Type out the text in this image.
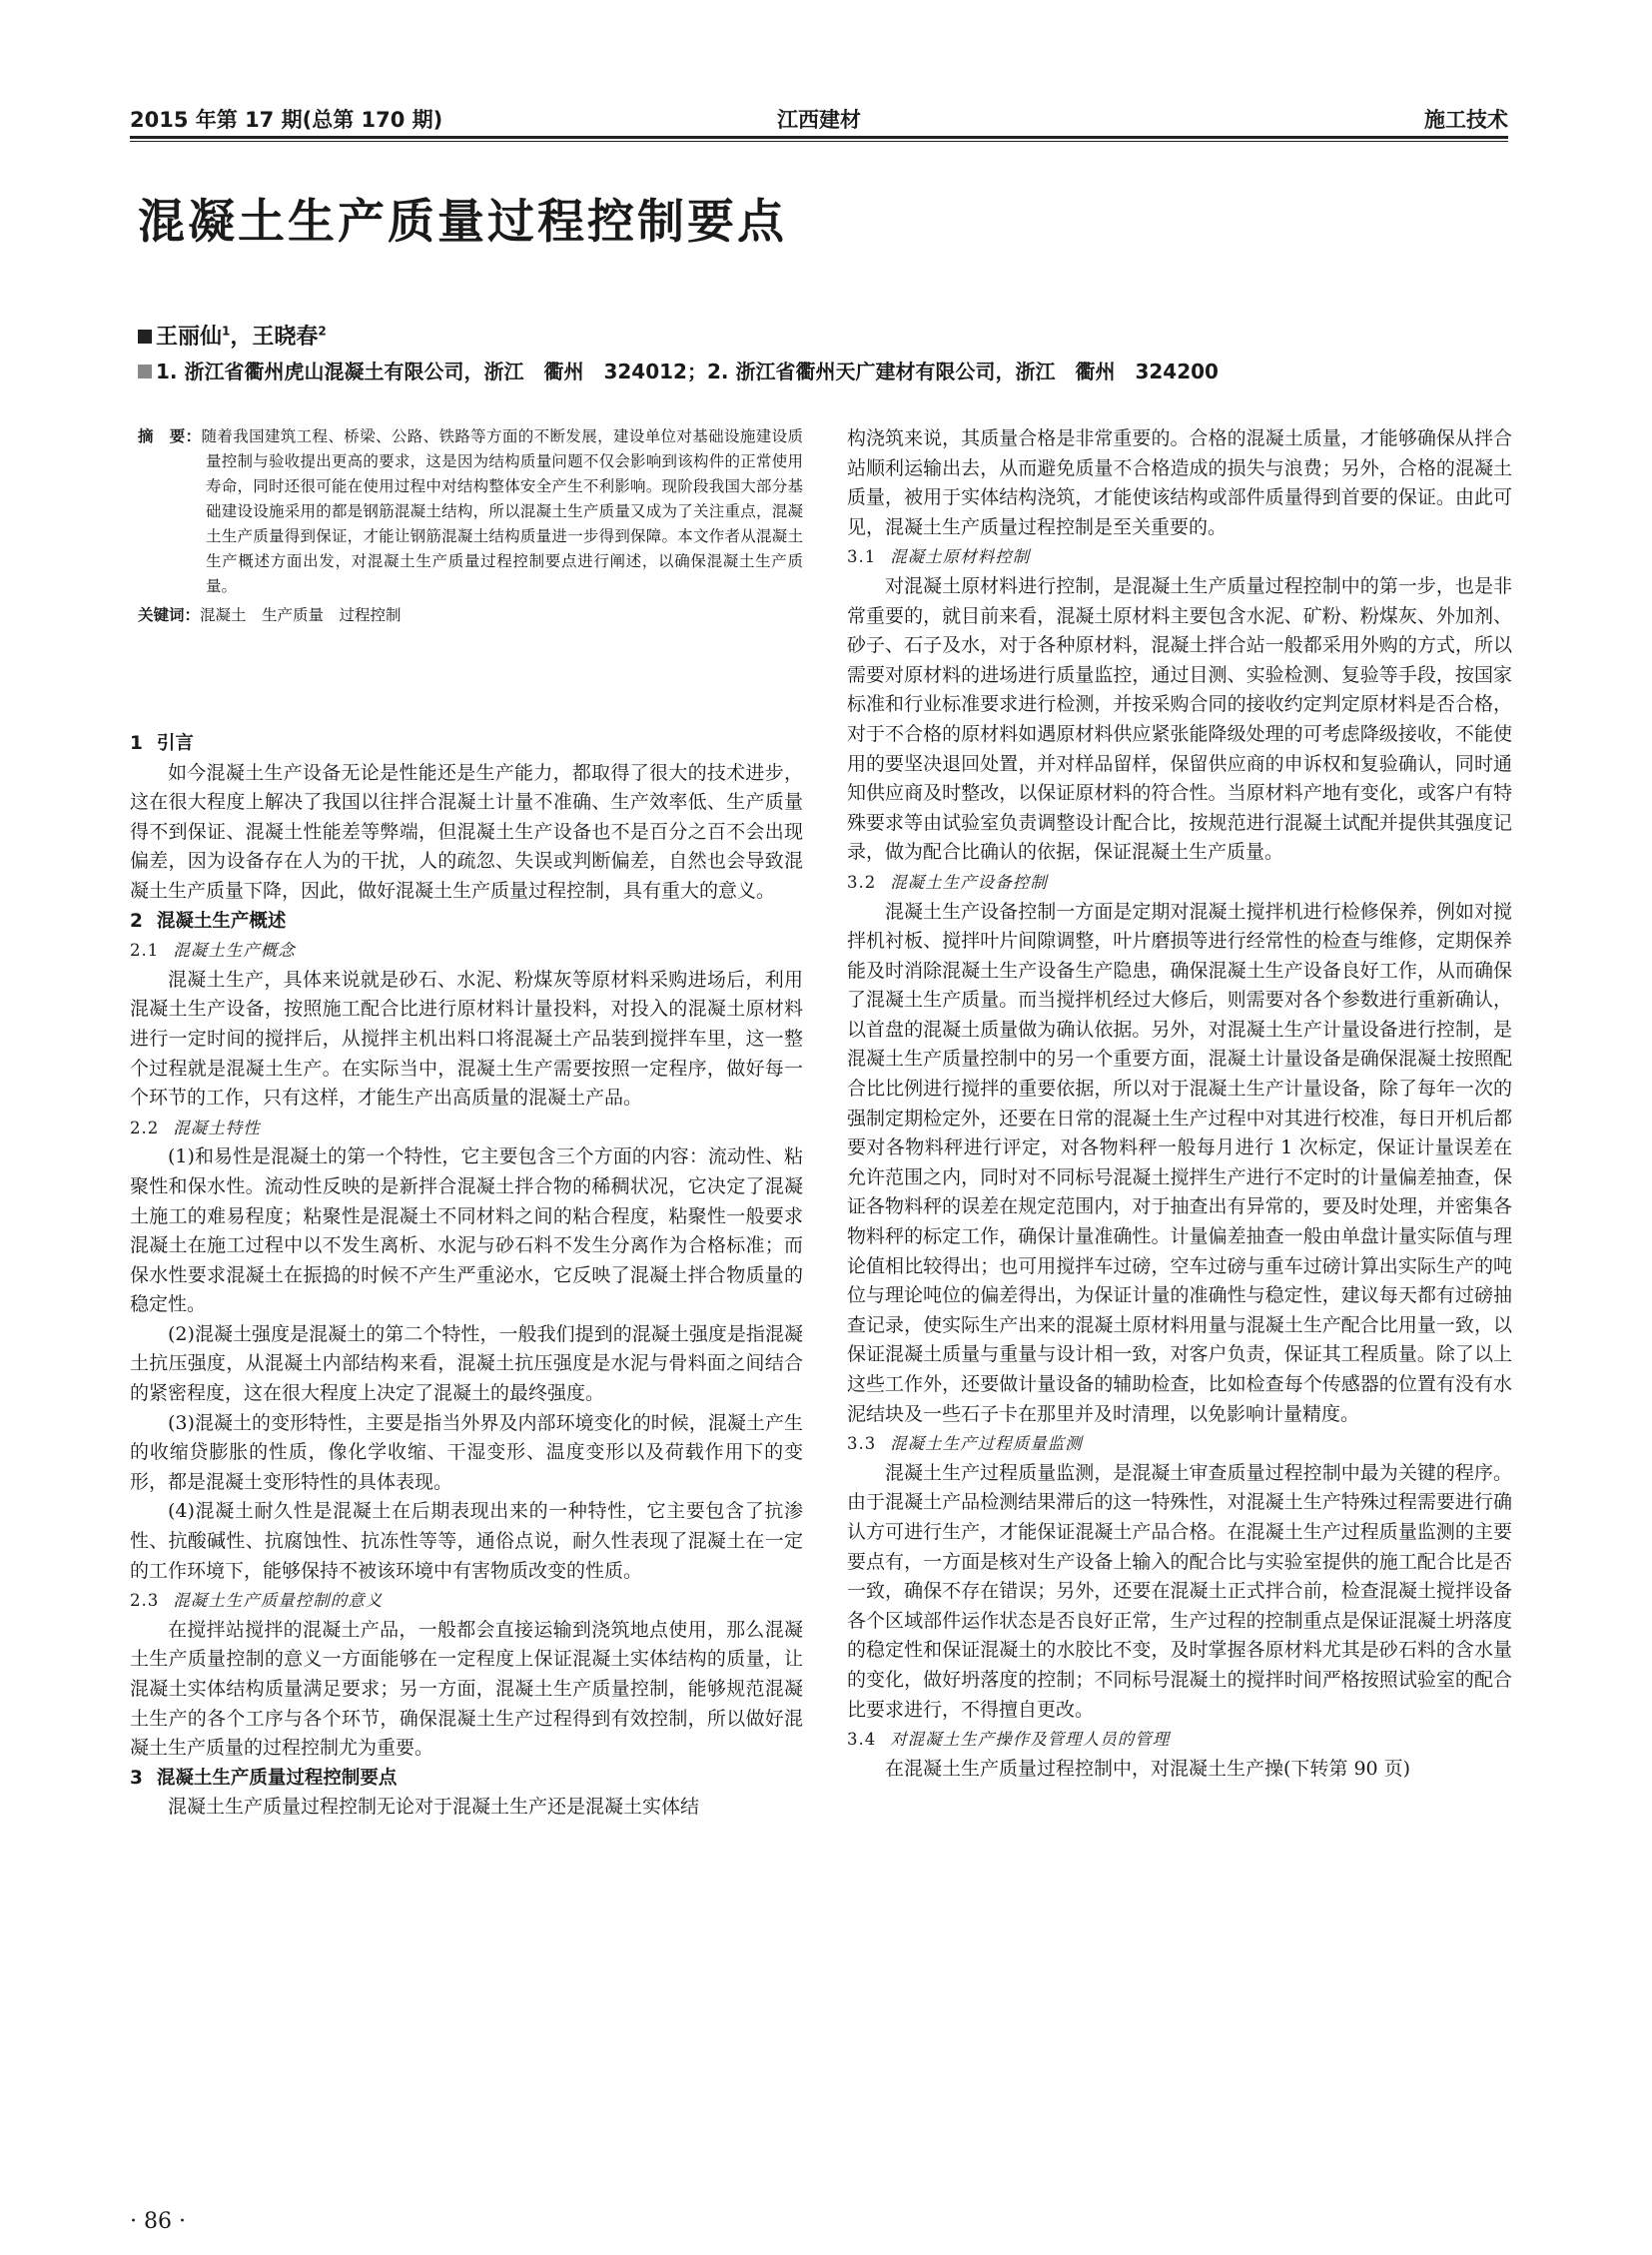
2015 年第 17 期(总第 170 期)	江西建材	施工技术
混凝土生产质量过程控制要点
王丽仙$^1$，王晓春$^2$
1. 浙江省衢州虎山混凝土有限公司，浙江　衢州　324012；2. 浙江省衢州天广建材有限公司，浙江　衢州　324200
摘　要：随着我国建筑工程、桥梁、公路、铁路等方面的不断发展，建设单位对基础设施建设质量控制与验收提出更高的要求，这是因为结构质量问题不仅会影响到该构件的正常使用寿命，同时还很可能在使用过程中对结构整体安全产生不利影响。现阶段我国大部分基础建设设施采用的都是钢筋混凝土结构，所以混凝土生产质量又成为了关注重点，混凝土生产质量得到保证，才能让钢筋混凝土结构质量进一步得到保障。本文作者从混凝土生产概述方面出发，对混凝土生产质量过程控制要点进行阐述，以确保混凝土生产质量。
关键词：混凝土　生产质量　过程控制
1 引言

如今混凝土生产设备无论是性能还是生产能力，都取得了很大的技术进步，这在很大程度上解决了我国以往拌合混凝土计量不准确、生产效率低、生产质量得不到保证、混凝土性能差等弊端，但混凝土生产设备也不是百分之百不会出现偏差，因为设备存在人为的干扰，人的疏忽、失误或判断偏差，自然也会导致混凝土生产质量下降，因此，做好混凝土生产质量过程控制，具有重大的意义。

2 混凝土生产概述
2.1 混凝土生产概念

混凝土生产，具体来说就是砂石、水泥、粉煤灰等原材料采购进场后，利用混凝土生产设备，按照施工配合比进行原材料计量投料，对投入的混凝土原材料进行一定时间的搅拌后，从搅拌主机出料口将混凝土产品装到搅拌车里，这一整个过程就是混凝土生产。在实际当中，混凝土生产需要按照一定程序，做好每一个环节的工作，只有这样，才能生产出高质量的混凝土产品。

2.2 混凝土特性

(1)和易性是混凝土的第一个特性，它主要包含三个方面的内容：流动性、粘聚性和保水性。流动性反映的是新拌合混凝土拌合物的稀稠状况，它决定了混凝土施工的难易程度；粘聚性是混凝土不同材料之间的粘合程度，粘聚性一般要求混凝土在施工过程中以不发生离析、水泥与砂石料不发生分离作为合格标准；而保水性要求混凝土在振捣的时候不产生严重泌水，它反映了混凝土拌合物质量的稳定性。

(2)混凝土强度是混凝土的第二个特性，一般我们提到的混凝土强度是指混凝土抗压强度，从混凝土内部结构来看，混凝土抗压强度是水泥与骨料面之间结合的紧密程度，这在很大程度上决定了混凝土的最终强度。

(3)混凝土的变形特性，主要是指当外界及内部环境变化的时候，混凝土产生的收缩贷膨胀的性质，像化学收缩、干湿变形、温度变形以及荷载作用下的变形，都是混凝土变形特性的具体表现。

(4)混凝土耐久性是混凝土在后期表现出来的一种特性，它主要包含了抗渗性、抗酸碱性、抗腐蚀性、抗冻性等等，通俗点说，耐久性表现了混凝土在一定的工作环境下，能够保持不被该环境中有害物质改变的性质。

2.3 混凝土生产质量控制的意义

在搅拌站搅拌的混凝土产品，一般都会直接运输到浇筑地点使用，那么混凝土生产质量控制的意义一方面能够在一定程度上保证混凝土实体结构的质量，让混凝土实体结构质量满足要求；另一方面，混凝土生产质量控制，能够规范混凝土生产的各个工序与各个环节，确保混凝土生产过程得到有效控制，所以做好混凝土生产质量的过程控制尤为重要。

3 混凝土生产质量过程控制要点

混凝土生产质量过程控制无论对于混凝土生产还是混凝土实体结

构浇筑来说，其质量合格是非常重要的。合格的混凝土质量，才能够确保从拌合站顺利运输出去，从而避免质量不合格造成的损失与浪费；另外，合格的混凝土质量，被用于实体结构浇筑，才能使该结构或部件质量得到首要的保证。由此可见，混凝土生产质量过程控制是至关重要的。

3.1 混凝土原材料控制

对混凝土原材料进行控制，是混凝土生产质量过程控制中的第一步，也是非常重要的，就目前来看，混凝土原材料主要包含水泥、矿粉、粉煤灰、外加剂、砂子、石子及水，对于各种原材料，混凝土拌合站一般都采用外购的方式，所以需要对原材料的进场进行质量监控，通过目测、实验检测、复验等手段，按国家标准和行业标准要求进行检测，并按采购合同的接收约定判定原材料是否合格，对于不合格的原材料如遇原材料供应紧张能降级处理的可考虑降级接收，不能使用的要坚决退回处置，并对样品留样，保留供应商的申诉权和复验确认，同时通知供应商及时整改，以保证原材料的符合性。当原材料产地有变化，或客户有特殊要求等由试验室负责调整设计配合比，按规范进行混凝土试配并提供其强度记录，做为配合比确认的依据，保证混凝土生产质量。

3.2 混凝土生产设备控制

混凝土生产设备控制一方面是定期对混凝土搅拌机进行检修保养，例如对搅拌机衬板、搅拌叶片间隙调整，叶片磨损等进行经常性的检查与维修，定期保养能及时消除混凝土生产设备生产隐患，确保混凝土生产设备良好工作，从而确保了混凝土生产质量。而当搅拌机经过大修后，则需要对各个参数进行重新确认，以首盘的混凝土质量做为确认依据。另外，对混凝土生产计量设备进行控制，是混凝土生产质量控制中的另一个重要方面，混凝土计量设备是确保混凝土按照配合比比例进行搅拌的重要依据，所以对于混凝土生产计量设备，除了每年一次的强制定期检定外，还要在日常的混凝土生产过程中对其进行校准，每日开机后都要对各物料秤进行评定，对各物料秤一般每月进行 1 次标定，保证计量误差在允许范围之内，同时对不同标号混凝土搅拌生产进行不定时的计量偏差抽查，保证各物料秤的误差在规定范围内，对于抽查出有异常的，要及时处理，并密集各物料秤的标定工作，确保计量准确性。计量偏差抽查一般由单盘计量实际值与理论值相比较得出；也可用搅拌车过磅，空车过磅与重车过磅计算出实际生产的吨位与理论吨位的偏差得出，为保证计量的准确性与稳定性，建议每天都有过磅抽查记录，使实际生产出来的混凝土原材料用量与混凝土生产配合比用量一致，以保证混凝土质量与重量与设计相一致，对客户负责，保证其工程质量。除了以上这些工作外，还要做计量设备的辅助检查，比如检查每个传感器的位置有没有水泥结块及一些石子卡在那里并及时清理，以免影响计量精度。

3.3 混凝土生产过程质量监测

混凝土生产过程质量监测，是混凝土审查质量过程控制中最为关键的程序。由于混凝土产品检测结果滞后的这一特殊性，对混凝土生产特殊过程需要进行确认方可进行生产，才能保证混凝土产品合格。在混凝土生产过程质量监测的主要要点有，一方面是核对生产设备上输入的配合比与实验室提供的施工配合比是否一致，确保不存在错误；另外，还要在混凝土正式拌合前，检查混凝土搅拌设备各个区域部件运作状态是否良好正常，生产过程的控制重点是保证混凝土坍落度的稳定性和保证混凝土的水胶比不变，及时掌握各原材料尤其是砂石料的含水量的变化，做好坍落度的控制；不同标号混凝土的搅拌时间严格按照试验室的配合比要求进行，不得擅自更改。

3.4 对混凝土生产操作及管理人员的管理

在混凝土生产质量过程控制中，对混凝土生产操(下转第 90 页)

· 86 ·
